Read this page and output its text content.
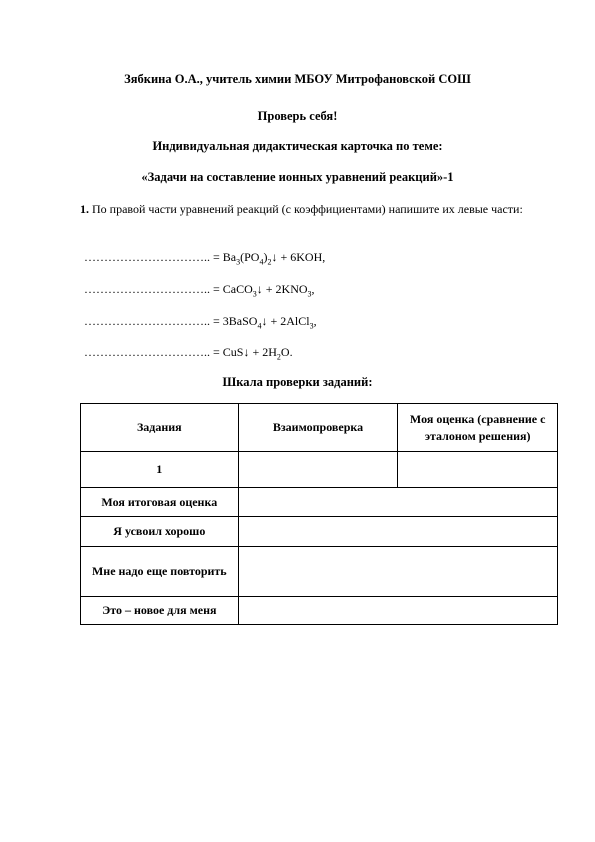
Зябкина О.А., учитель химии МБОУ Митрофановской СОШ
Проверь себя!
Индивидуальная дидактическая карточка по теме:
«Задачи на составление ионных уравнений реакций»-1
1. По правой части уравнений реакций (с коэффициентами) напишите их левые части:
………………………….. = $Ba_3(PO_4)_2↓ + 6KOH$,
………………………….. = CaCO$_3$↓ + $2KNO_3$,
………………………….. = 3BaSO$_4$↓ + 2AlCl$_3$,
………………………….. = CuS↓ + $2H_2O$.
Шкала проверки заданий:
Задания	Взаимопроверка	Моя оценка (сравнение с эталоном решения)
1		
Моя итоговая оценка		
Я усвоил хорошо		
Мне надо еще повторить		
Это – новое для меня		
